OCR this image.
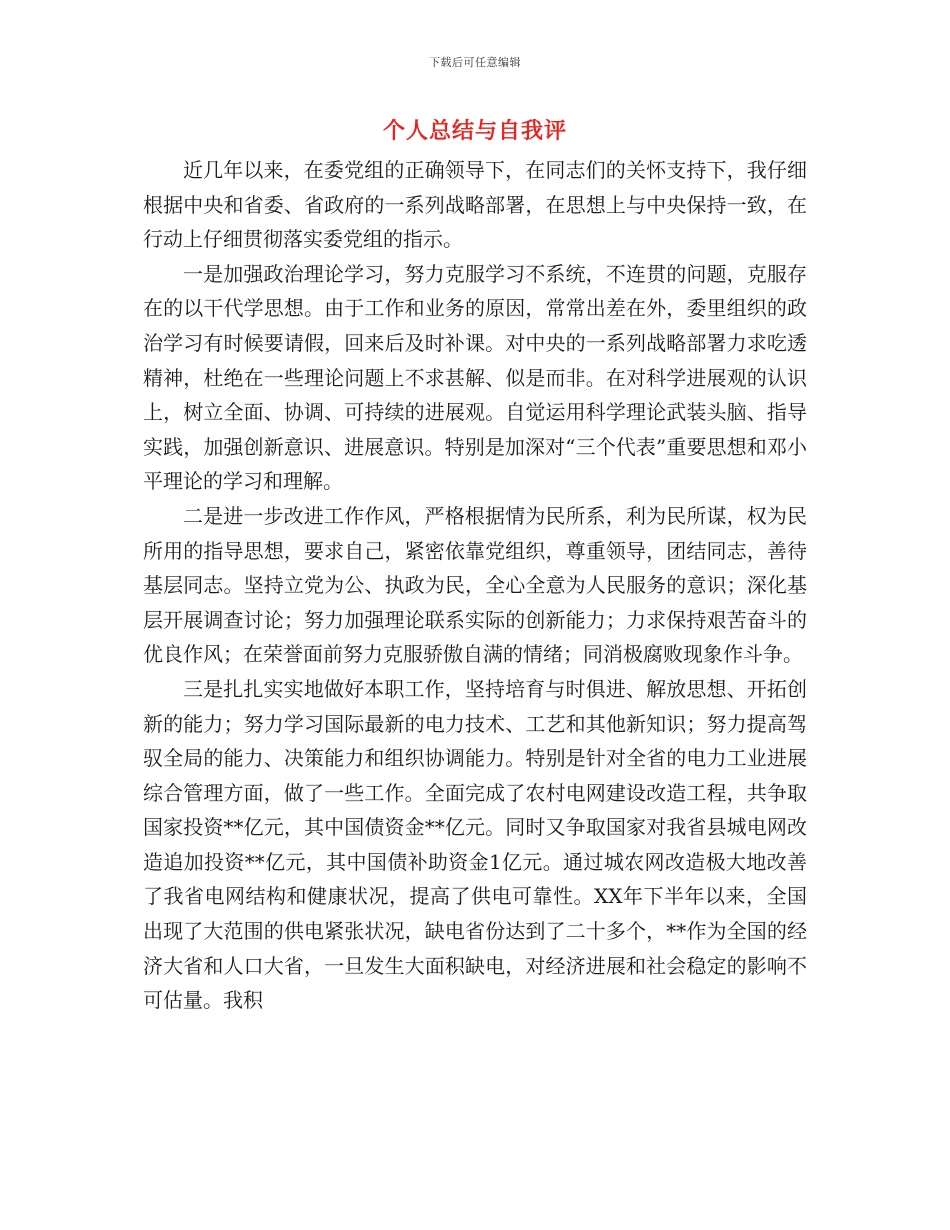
下载后可任意编辑
个人总结与自我评

近几年以来，在委党组的正确领导下，在同志们的关怀支持下，我仔细根据中央和省委、省政府的一系列战略部署，在思想上与中央保持一致，在行动上仔细贯彻落实委党组的指示。

一是加强政治理论学习，努力克服学习不系统，不连贯的问题，克服存在的以干代学思想。由于工作和业务的原因，常常出差在外，委里组织的政治学习有时候要请假，回来后及时补课。对中央的一系列战略部署力求吃透精神，杜绝在一些理论问题上不求甚解、似是而非。在对科学进展观的认识上，树立全面、协调、可持续的进展观。自觉运用科学理论武装头脑、指导实践，加强创新意识、进展意识。特别是加深对“三个代表”重要思想和邓小平理论的学习和理解。

二是进一步改进工作作风，严格根据情为民所系，利为民所谋，权为民所用的指导思想，要求自己，紧密依靠党组织，尊重领导，团结同志，善待基层同志。坚持立党为公、执政为民，全心全意为人民服务的意识；深化基层开展调查讨论；努力加强理论联系实际的创新能力；力求保持艰苦奋斗的优良作风；在荣誉面前努力克服骄傲自满的情绪；同消极腐败现象作斗争。

三是扎扎实实地做好本职工作，坚持培育与时俱进、解放思想、开拓创新的能力；努力学习国际最新的电力技术、工艺和其他新知识；努力提高驾驭全局的能力、决策能力和组织协调能力。特别是针对全省的电力工业进展综合管理方面，做了一些工作。全面完成了农村电网建设改造工程，共争取国家投资**亿元，其中国债资金**亿元。同时又争取国家对我省县城电网改造追加投资**亿元，其中国债补助资金1亿元。通过城农网改造极大地改善了我省电网结构和健康状况，提高了供电可靠性。XX年下半年以来，全国出现了大范围的供电紧张状况，缺电省份达到了二十多个，**作为全国的经济大省和人口大省，一旦发生大面积缺电，对经济进展和社会稳定的影响不可估量。我积
